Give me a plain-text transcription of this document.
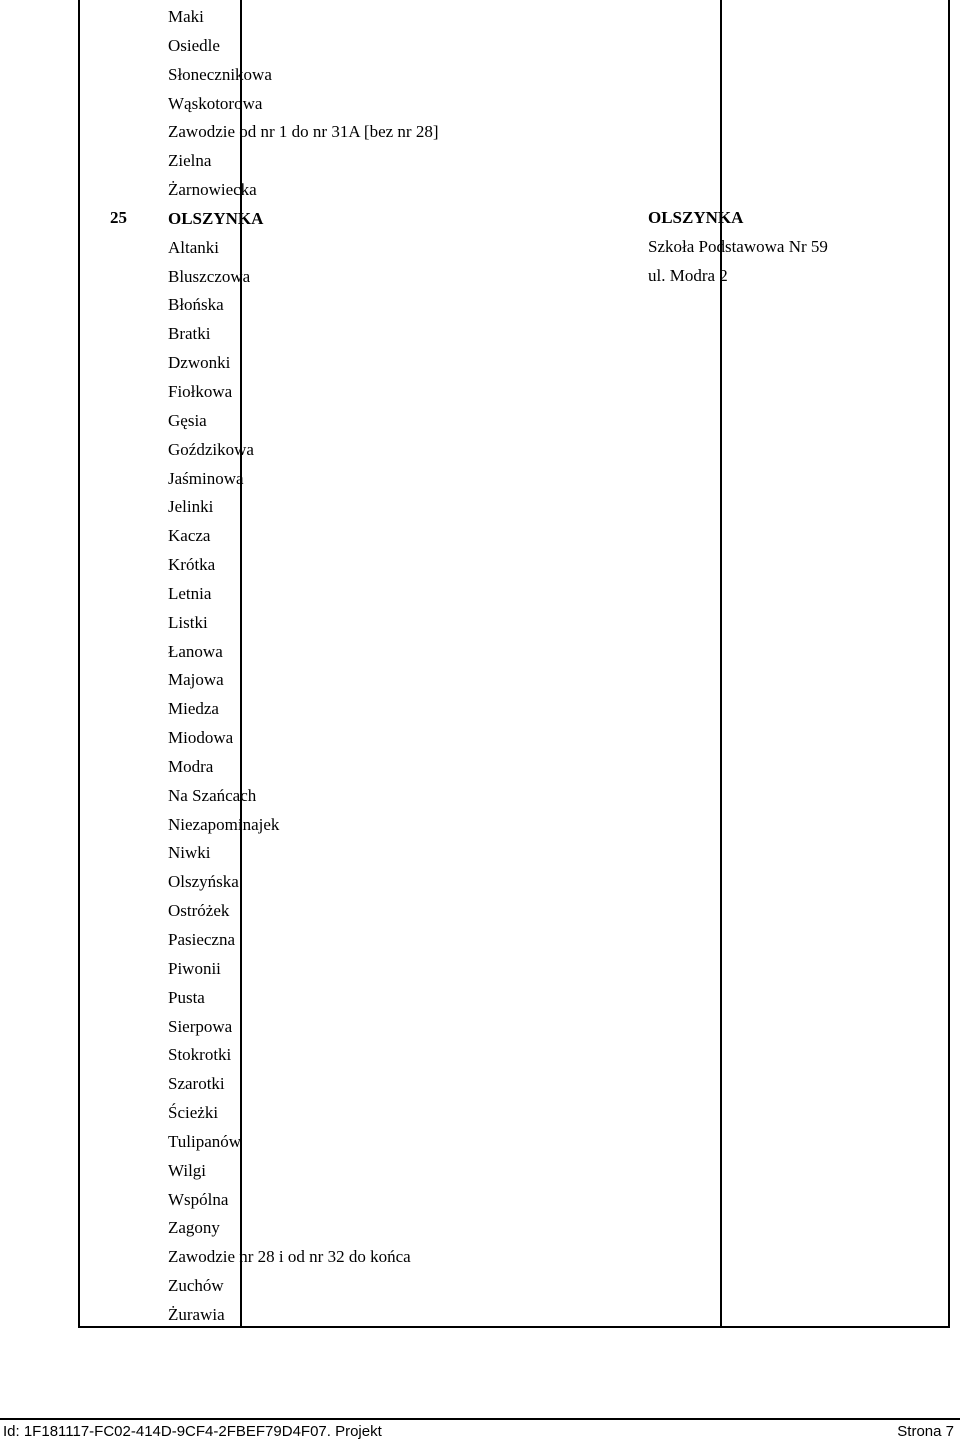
25
Maki
Osiedle
Słonecznikowa
Wąskotorowa
Zawodzie od nr 1 do nr 31A [bez nr 28]
Zielna
Żarnowiecka
OLSZYNKA
Altanki
Bluszczowa
Błońska
Bratki
Dzwonki
Fiołkowa
Gęsia
Goździkowa
Jaśminowa
Jelinki
Kacza
Krótka
Letnia
Listki
Łanowa
Majowa
Miedza
Miodowa
Modra
Na Szańcach
Niezapominajek
Niwki
Olszyńska
Ostróżek
Pasieczna
Piwonii
Pusta
Sierpowa
Stokrotki
Szarotki
Ścieżki
Tulipanów
Wilgi
Wspólna
Zagony
Zawodzie nr 28 i od nr 32 do końca
Zuchów
Żurawia
OLSZYNKA
Szkoła Podstawowa Nr 59
ul. Modra 2
Id: 1F181117-FC02-414D-9CF4-2FBEF79D4F07. Projekt	Strona 7
